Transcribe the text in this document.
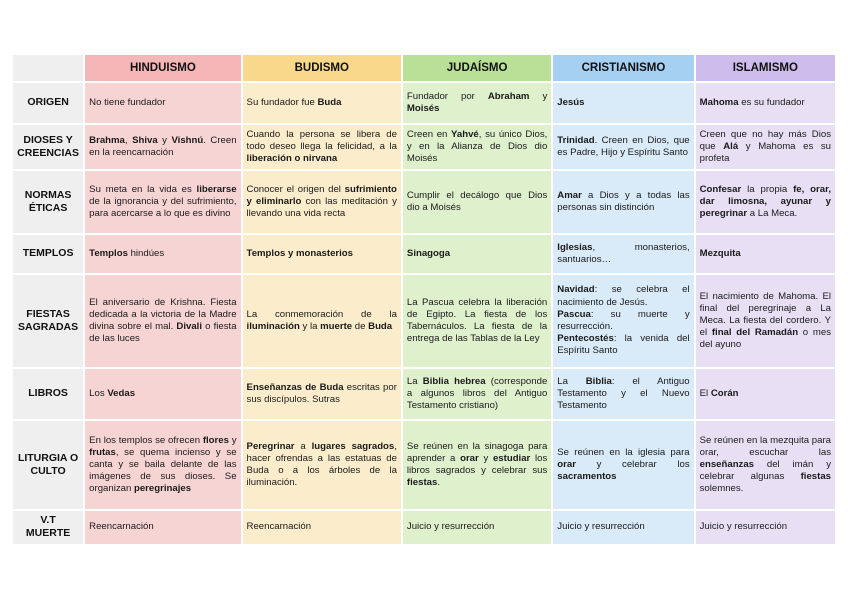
	HINDUISMO	BUDISMO	JUDAÍSMO	CRISTIANISMO	ISLAMISMO
ORIGEN	No tiene fundador	Su fundador fue Buda	Fundador por Abraham y Moisés	Jesús	Mahoma es su fundador

DIOSES Y CREENCIAS	Brahma, Shiva y Vishnú. Creen en la reencarnación	Cuando la persona se libera de todo deseo llega la felicidad, a la liberación o nirvana	Creen en Yahvé, su único Dios, y en la Alianza de Dios dio Moisés	Trinidad. Creen en Dios, que es Padre, Hijo y Espíritu Santo	Creen que no hay más Dios que Alá y Mahoma es su profeta

NORMAS ÉTICAS	Su meta en la vida es liberarse de la ignorancia y del sufrimiento, para acercarse a lo que es divino	Conocer el origen del sufrimiento y eliminarlo con las meditación y llevando una vida recta	Cumplir el decálogo que Dios dio a Moisés	Amar a Dios y a todas las personas sin distinción	Confesar la propia fe, orar, dar limosna, ayunar y peregrinar a La Meca.

TEMPLOS	Templos hindúes	Templos y monasterios	Sinagoga	Iglesias, monasterios, santuarios…	Mezquita

FIESTAS SAGRADAS	El aniversario de Krishna. Fiesta dedicada a la victoria de la Madre divina sobre el mal. Divali o fiesta de las luces	La conmemoración de la iluminación y la muerte de Buda	La Pascua celebra la liberación de Egipto. La fiesta de los Tabernáculos. La fiesta de la entrega de las Tablas de la Ley	Navidad: se celebra el nacimiento de Jesús.
Pascua: su muerte y resurrección.
Pentecostés: la venida del Espíritu Santo	El nacimiento de Mahoma. El final del peregrinaje a La Meca. La fiesta del cordero. Y el final del Ramadán o mes del ayuno

LIBROS	Los Vedas	Enseñanzas de Buda escritas por sus discípulos. Sutras	La Biblia hebrea (corresponde a algunos libros del Antiguo Testamento cristiano)	La Biblia: el Antiguo Testamento y el Nuevo Testamento	El Corán

LITURGIA O CULTO	En los templos se ofrecen flores y frutas, se quema incienso y se canta y se baila delante de las imágenes de sus dioses. Se organizan peregrinajes	Peregrinar a lugares sagrados, hacer ofrendas a las estatuas de Buda o a los árboles de la iluminación.	Se reúnen en la sinagoga para aprender a orar y estudiar los libros sagrados y celebrar sus fiestas.	Se reúnen en la iglesia para orar y celebrar los sacramentos	Se reúnen en la mezquita para orar, escuchar las enseñanzas del imán y celebrar algunas fiestas solemnes.

V.T MUERTE	Reencarnación	Reencarnación	Juicio y resurrección	Juicio y resurrección	Juicio y resurrección
